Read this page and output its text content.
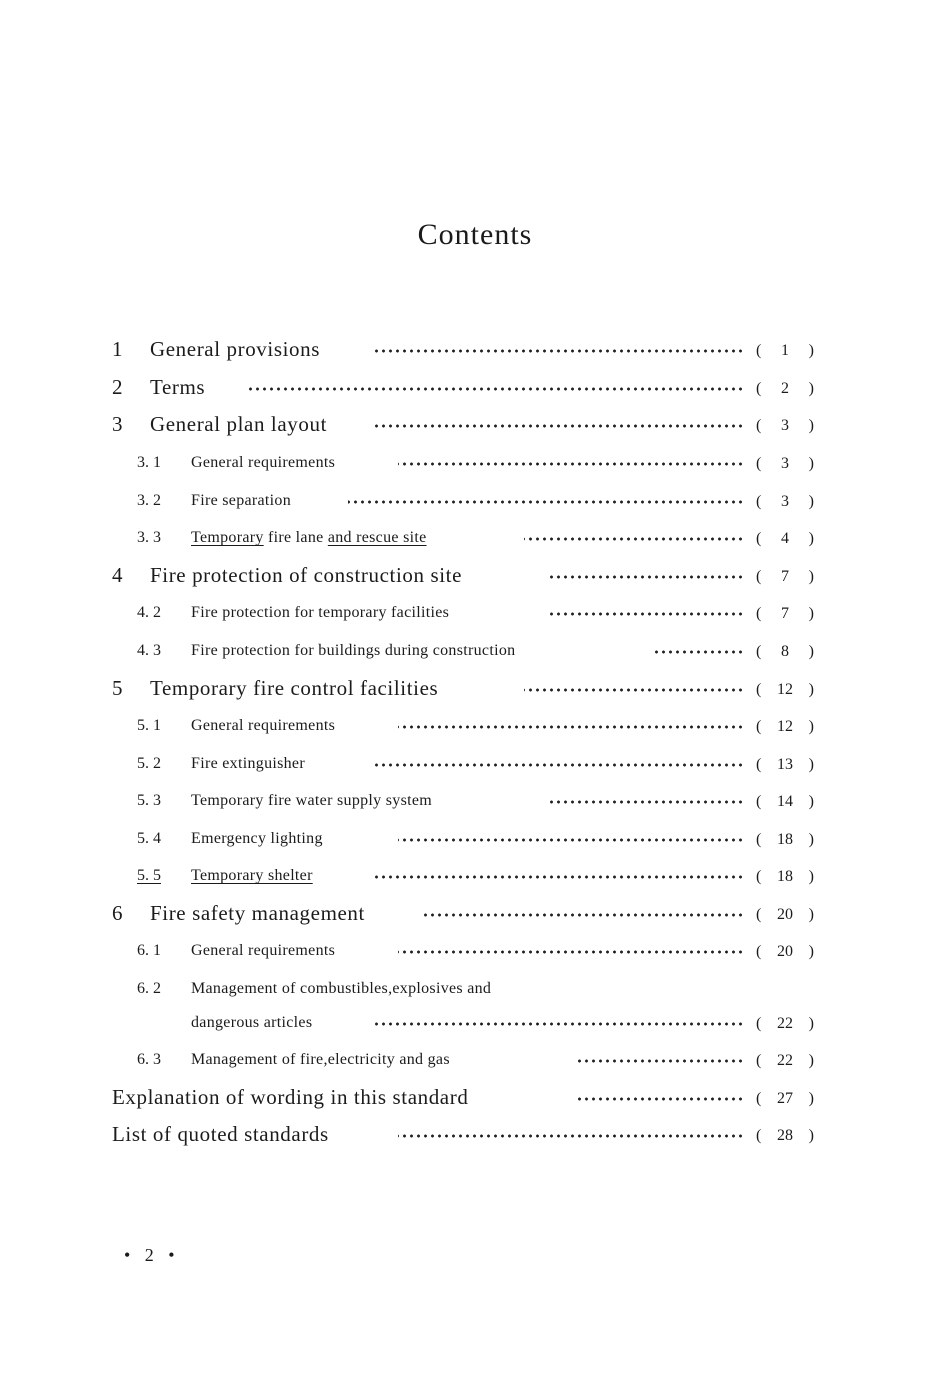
Contents
1 General provisions	( 1 )
2 Terms	( 2 )
3 General plan layout	( 3 )
3. 1 General requirements	( 3 )
3. 2 Fire separation	( 3 )
3. 3 Temporary fire lane and rescue site	( 4 )
4 Fire protection of construction site	( 7 )
4. 2 Fire protection for temporary facilities	( 7 )
4. 3 Fire protection for buildings during construction	( 8 )
5 Temporary fire control facilities	( 12 )
5. 1 General requirements	( 12 )
5. 2 Fire extinguisher	( 13 )
5. 3 Temporary fire water supply system	( 14 )
5. 4 Emergency lighting	( 18 )
5. 5 Temporary shelter	( 18 )
6 Fire safety management	( 20 )
6. 1 General requirements	( 20 )
6. 2 Management of combustibles,explosives and
dangerous articles	( 22 )
6. 3 Management of fire,electricity and gas	( 22 )
Explanation of wording in this standard	( 27 )
List of quoted standards	( 28 )
• 2 •
